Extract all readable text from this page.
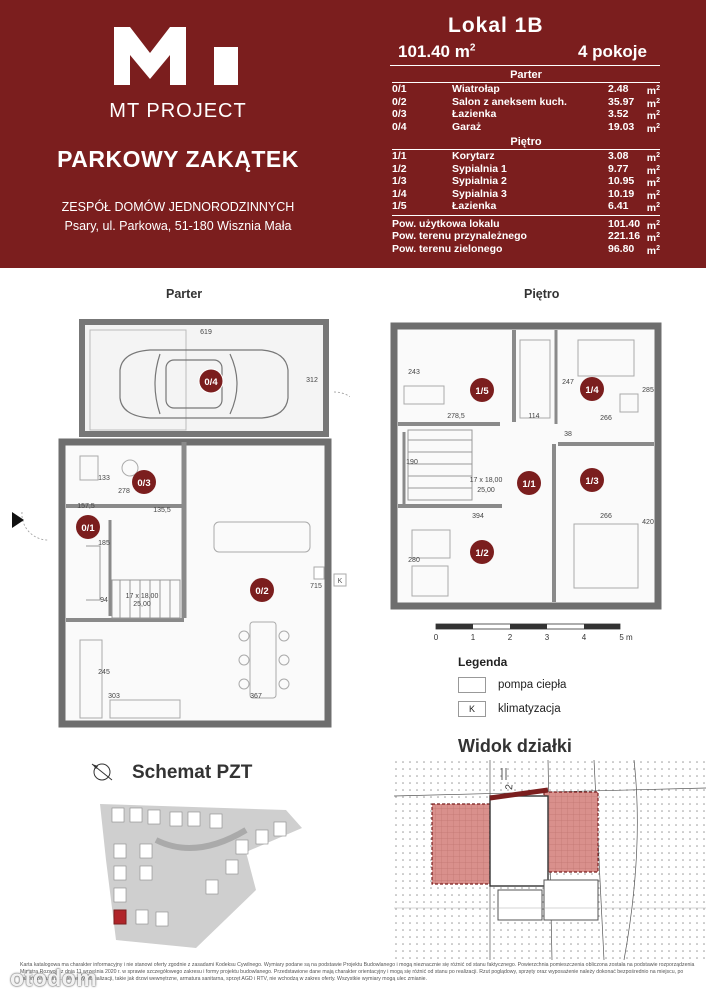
MT PROJECT
PARKOWY ZAKĄTEK
ZESPÓŁ DOMÓW JEDNORODZINNYCH
Psary, ul. Parkowa, 51-180 Wisznia Mała
Lokal 1B
101.40 $m^2$	4 pokoje
Parter
0/1	Wiatrołap	2.48	$m^2$
0/2	Salon z aneksem kuch.	35.97	$m^2$
0/3	Łazienka	3.52	$m^2$
0/4	Garaż	19.03	$m^2$
Piętro
1/1	Korytarz	3.08	$m^2$
1/2	Sypialnia 1	9.77	$m^2$
1/3	Sypialnia 2	10.95	$m^2$
1/4	Sypialnia 3	10.19	$m^2$
1/5	Łazienka	6.41	$m^2$
Pow. użytkowa lokalu	101.40 $m^2$
Pow. terenu przynależnego	221.16 $m^2$
Pow. terenu zielonego	96.80	$m^2$
Parter	Piętro
0/4
0/3
0/1
0/2
619
312
278
133
157,5
135,5
185
94
17 x 18,00
25,00
715
245
303	367
K
1/5	1/4
1/1	1/3
1/2
243
278,5	114
247
266
285
38
190
17 x 18,00
25,00
394	266
420
280
0	1	2	3	4	5 m
Legenda
pompa ciepła
K	klimatyzacja
Schemat PZT
Widok działki
2
Karta katalogowa ma charakter informacyjny i nie stanowi oferty zgodnie z zasadami Kodeksu Cywilnego. Wymiary podane są na podstawie Projektu Budowlanego i mogą nieznacznie się różnić od stanu faktycznego. Powierzchnia pomieszczenia obliczona została na podstawie rozporządzenia Ministra Rozwoju z dnia 11 września 2020 r. w sprawie szczegółowego zakresu i formy projektu budowlanego. Przedstawione dane mają charakter orientacyjny i mogą się różnić od stanu po realizacji. Rzut poglądowy, sprzęty oraz wyposażenie należy dokonać bezpośrednio na miejscu, po zakończeniu prac. Elementy wizualizacji, takie jak drzwi wewnętrzne, armatura sanitarna, sprzęt AGD i RTV, nie wchodzą w zakres oferty. Wszystkie wymiary mogą ulec zmianie.
otodom
